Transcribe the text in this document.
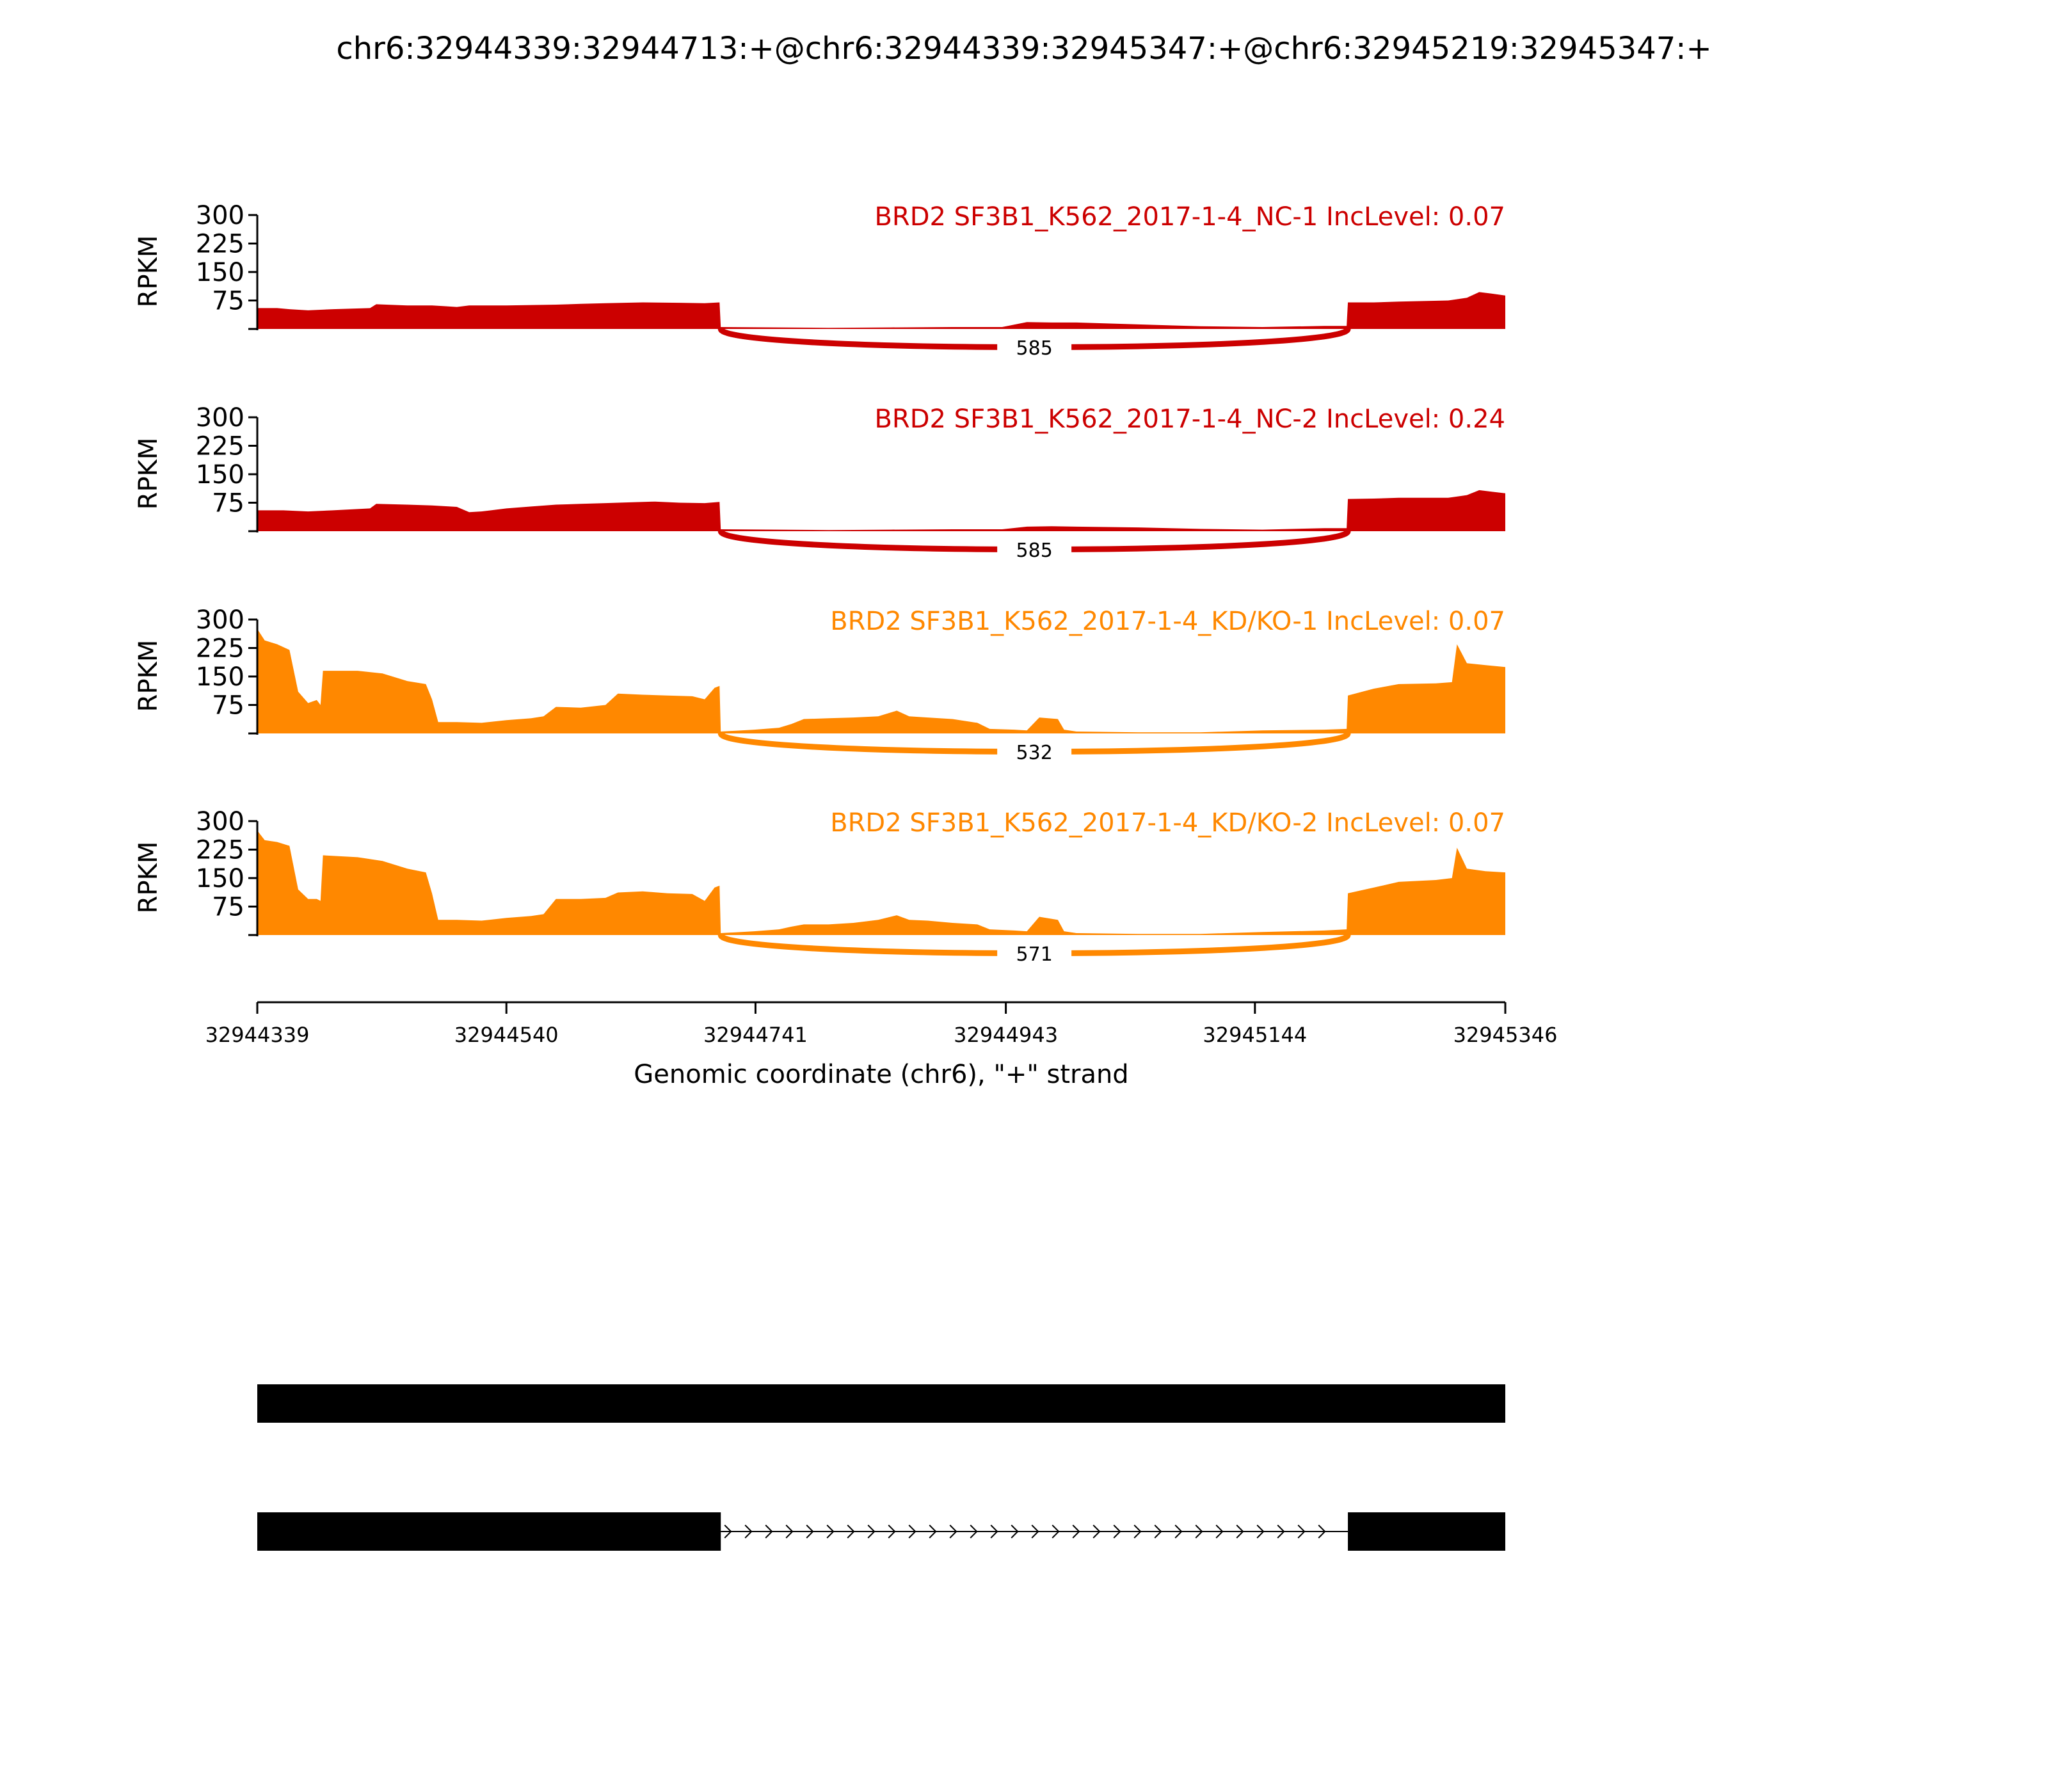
chr6:32944339:32944713:+@chr6:32944339:32945347:+@chr6:32945219:32945347:+
585
75
150
225
300
RPKM
BRD2 SF3B1_K562_2017-1-4_NC-1 IncLevel: 0.07
585
75
150
225
300
RPKM
BRD2 SF3B1_K562_2017-1-4_NC-2 IncLevel: 0.24
532
75
150
225
300
RPKM
BRD2 SF3B1_K562_2017-1-4_KD/KO-1 IncLevel: 0.07
571
75
150
225
300
RPKM
BRD2 SF3B1_K562_2017-1-4_KD/KO-2 IncLevel: 0.07
32944339	32944540	32944741	32944943	32945144	32945346
Genomic coordinate (chr6), "+" strand
